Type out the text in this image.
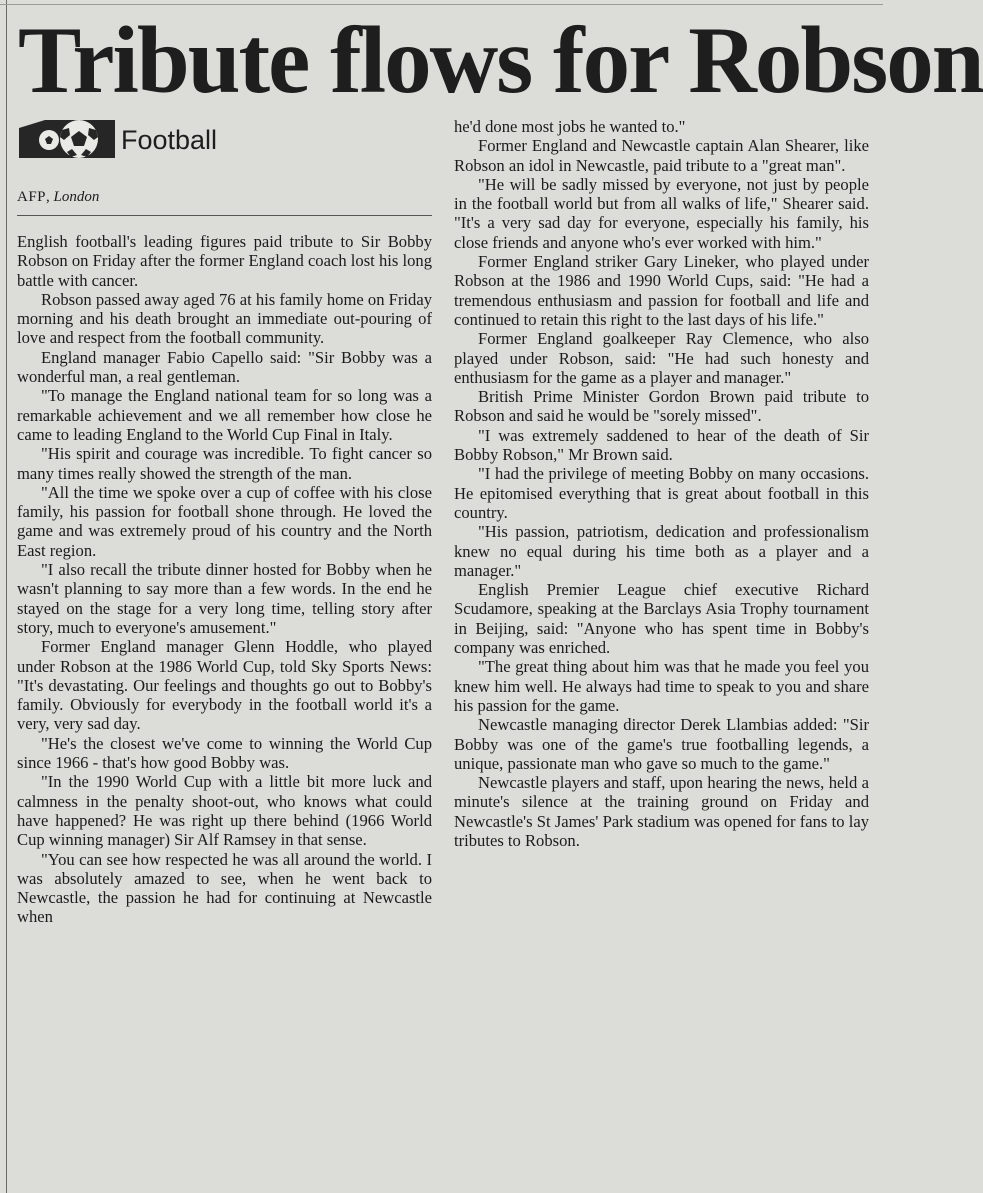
Tribute flows for Robson
Football
AFP, London

English football's leading figures paid tribute to Sir Bobby Robson on Friday after the former England coach lost his long battle with cancer.

Robson passed away aged 76 at his family home on Friday morning and his death brought an immediate out-pouring of love and respect from the football community.

England manager Fabio Capello said: "Sir Bobby was a wonderful man, a real gentleman.

"To manage the England national team for so long was a remarkable achievement and we all remember how close he came to leading England to the World Cup Final in Italy.

"His spirit and courage was incredible. To fight cancer so many times really showed the strength of the man.

"All the time we spoke over a cup of coffee with his close family, his passion for football shone through. He loved the game and was extremely proud of his country and the North East region.

"I also recall the tribute dinner hosted for Bobby when he wasn't planning to say more than a few words. In the end he stayed on the stage for a very long time, telling story after story, much to everyone's amusement."

Former England manager Glenn Hoddle, who played under Robson at the 1986 World Cup, told Sky Sports News: "It's devastating. Our feelings and thoughts go out to Bobby's family. Obviously for everybody in the football world it's a very, very sad day.

"He's the closest we've come to winning the World Cup since 1966 - that's how good Bobby was.

"In the 1990 World Cup with a little bit more luck and calmness in the penalty shoot-out, who knows what could have happened? He was right up there behind (1966 World Cup winning manager) Sir Alf Ramsey in that sense.

"You can see how respected he was all around the world. I was absolutely amazed to see, when he went back to Newcastle, the passion he had for continuing at Newcastle when

he'd done most jobs he wanted to."

Former England and Newcastle captain Alan Shearer, like Robson an idol in Newcastle, paid tribute to a "great man".

"He will be sadly missed by everyone, not just by people in the football world but from all walks of life," Shearer said. "It's a very sad day for everyone, especially his family, his close friends and anyone who's ever worked with him."

Former England striker Gary Lineker, who played under Robson at the 1986 and 1990 World Cups, said: "He had a tremendous enthusiasm and passion for football and life and continued to retain this right to the last days of his life."

Former England goalkeeper Ray Clemence, who also played under Robson, said: "He had such honesty and enthusiasm for the game as a player and manager."

British Prime Minister Gordon Brown paid tribute to Robson and said he would be "sorely missed".

"I was extremely saddened to hear of the death of Sir Bobby Robson," Mr Brown said.

"I had the privilege of meeting Bobby on many occasions. He epitomised everything that is great about football in this country.

"His passion, patriotism, dedication and professionalism knew no equal during his time both as a player and a manager."

English Premier League chief executive Richard Scudamore, speaking at the Barclays Asia Trophy tournament in Beijing, said: "Anyone who has spent time in Bobby's company was enriched.

"The great thing about him was that he made you feel you knew him well. He always had time to speak to you and share his passion for the game.

Newcastle managing director Derek Llambias added: "Sir Bobby was one of the game's true footballing legends, a unique, passionate man who gave so much to the game."

Newcastle players and staff, upon hearing the news, held a minute's silence at the training ground on Friday and Newcastle's St James' Park stadium was opened for fans to lay tributes to Robson.
